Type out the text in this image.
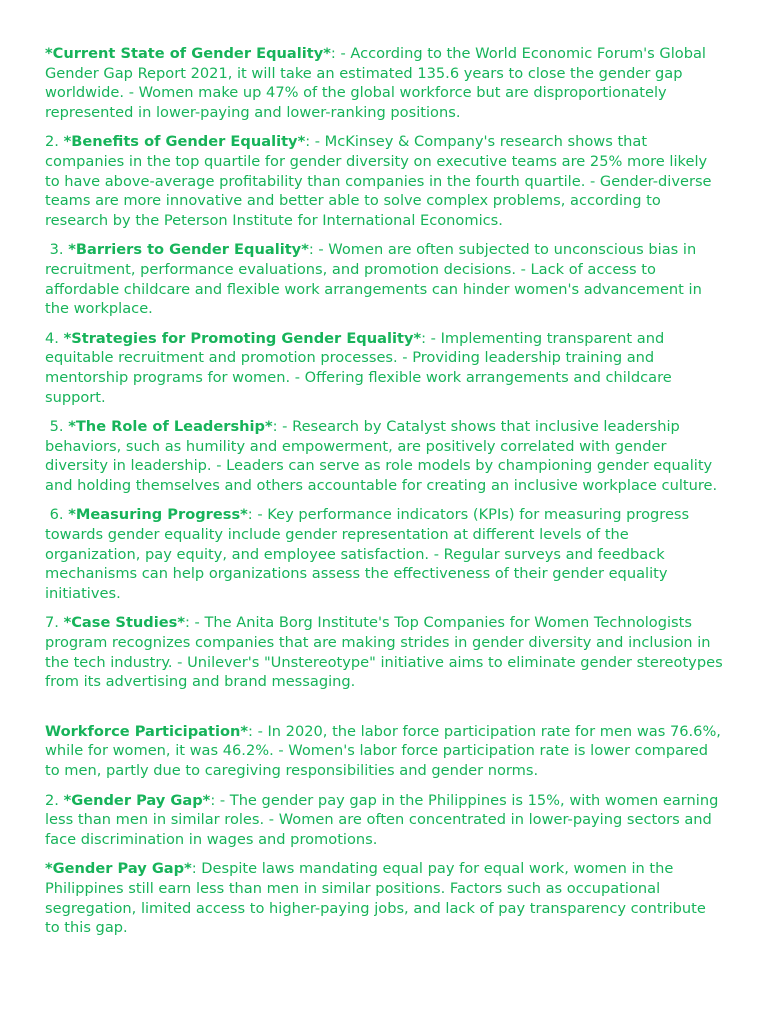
*Current State of Gender Equality*: - According to the World Economic Forum's Global Gender Gap Report 2021, it will take an estimated 135.6 years to close the gender gap worldwide. - Women make up 47% of the global workforce but are disproportionately represented in lower-paying and lower-ranking positions.

2. *Benefits of Gender Equality*: - McKinsey & Company's research shows that companies in the top quartile for gender diversity on executive teams are 25% more likely to have above-average profitability than companies in the fourth quartile. - Gender-diverse teams are more innovative and better able to solve complex problems, according to research by the Peterson Institute for International Economics.

3. *Barriers to Gender Equality*: - Women are often subjected to unconscious bias in recruitment, performance evaluations, and promotion decisions. - Lack of access to affordable childcare and flexible work arrangements can hinder women's advancement in the workplace.

4. *Strategies for Promoting Gender Equality*: - Implementing transparent and equitable recruitment and promotion processes. - Providing leadership training and mentorship programs for women. - Offering flexible work arrangements and childcare support.

5. *The Role of Leadership*: - Research by Catalyst shows that inclusive leadership behaviors, such as humility and empowerment, are positively correlated with gender diversity in leadership. - Leaders can serve as role models by championing gender equality and holding themselves and others accountable for creating an inclusive workplace culture.

6. *Measuring Progress*: - Key performance indicators (KPIs) for measuring progress towards gender equality include gender representation at different levels of the organization, pay equity, and employee satisfaction. - Regular surveys and feedback mechanisms can help organizations assess the effectiveness of their gender equality initiatives.

7. *Case Studies*: - The Anita Borg Institute's Top Companies for Women Technologists program recognizes companies that are making strides in gender diversity and inclusion in the tech industry. - Unilever's "Unstereotype" initiative aims to eliminate gender stereotypes from its advertising and brand messaging.

Workforce Participation*: - In 2020, the labor force participation rate for men was 76.6%, while for women, it was 46.2%. - Women's labor force participation rate is lower compared to men, partly due to caregiving responsibilities and gender norms.

2. *Gender Pay Gap*: - The gender pay gap in the Philippines is 15%, with women earning less than men in similar roles. - Women are often concentrated in lower-paying sectors and face discrimination in wages and promotions.

*Gender Pay Gap*: Despite laws mandating equal pay for equal work, women in the Philippines still earn less than men in similar positions. Factors such as occupational segregation, limited access to higher-paying jobs, and lack of pay transparency contribute to this gap.
